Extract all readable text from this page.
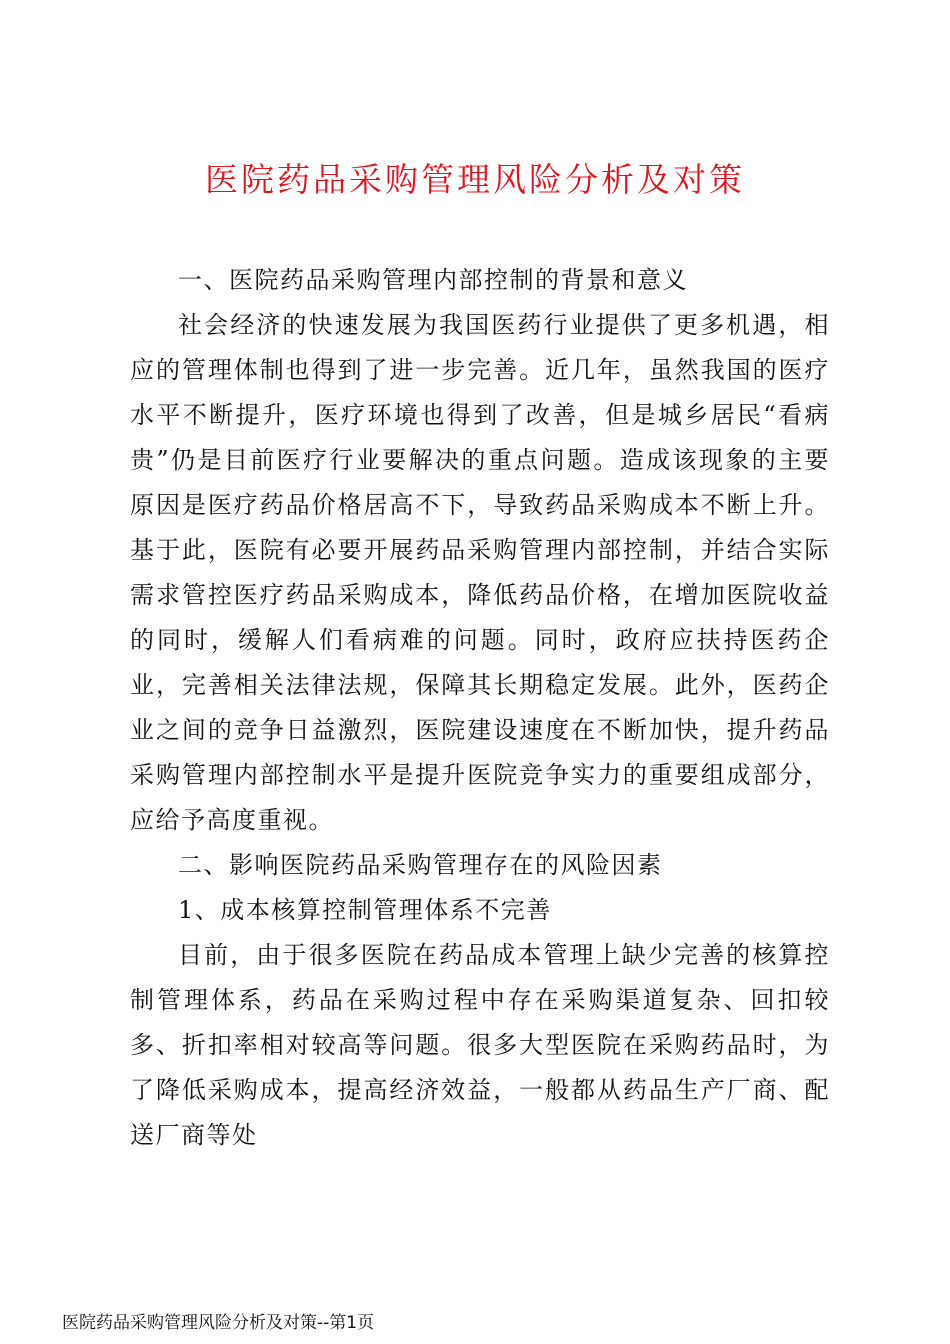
医院药品采购管理风险分析及对策

一、医院药品采购管理内部控制的背景和意义

社会经济的快速发展为我国医药行业提供了更多机遇，相应的管理体制也得到了进一步完善。近几年，虽然我国的医疗水平不断提升，医疗环境也得到了改善，但是城乡居民“看病贵”仍是目前医疗行业要解决的重点问题。造成该现象的主要原因是医疗药品价格居高不下，导致药品采购成本不断上升。基于此，医院有必要开展药品采购管理内部控制，并结合实际需求管控医疗药品采购成本，降低药品价格，在增加医院收益的同时，缓解人们看病难的问题。同时，政府应扶持医药企业，完善相关法律法规，保障其长期稳定发展。此外，医药企业之间的竞争日益激烈，医院建设速度在不断加快，提升药品采购管理内部控制水平是提升医院竞争实力的重要组成部分，应给予高度重视。

二、影响医院药品采购管理存在的风险因素

1、成本核算控制管理体系不完善

目前，由于很多医院在药品成本管理上缺少完善的核算控制管理体系，药品在采购过程中存在采购渠道复杂、回扣较多、折扣率相对较高等问题。很多大型医院在采购药品时，为了降低采购成本，提高经济效益，一般都从药品生产厂商、配送厂商等处

医院药品采购管理风险分析及对策--第1页
